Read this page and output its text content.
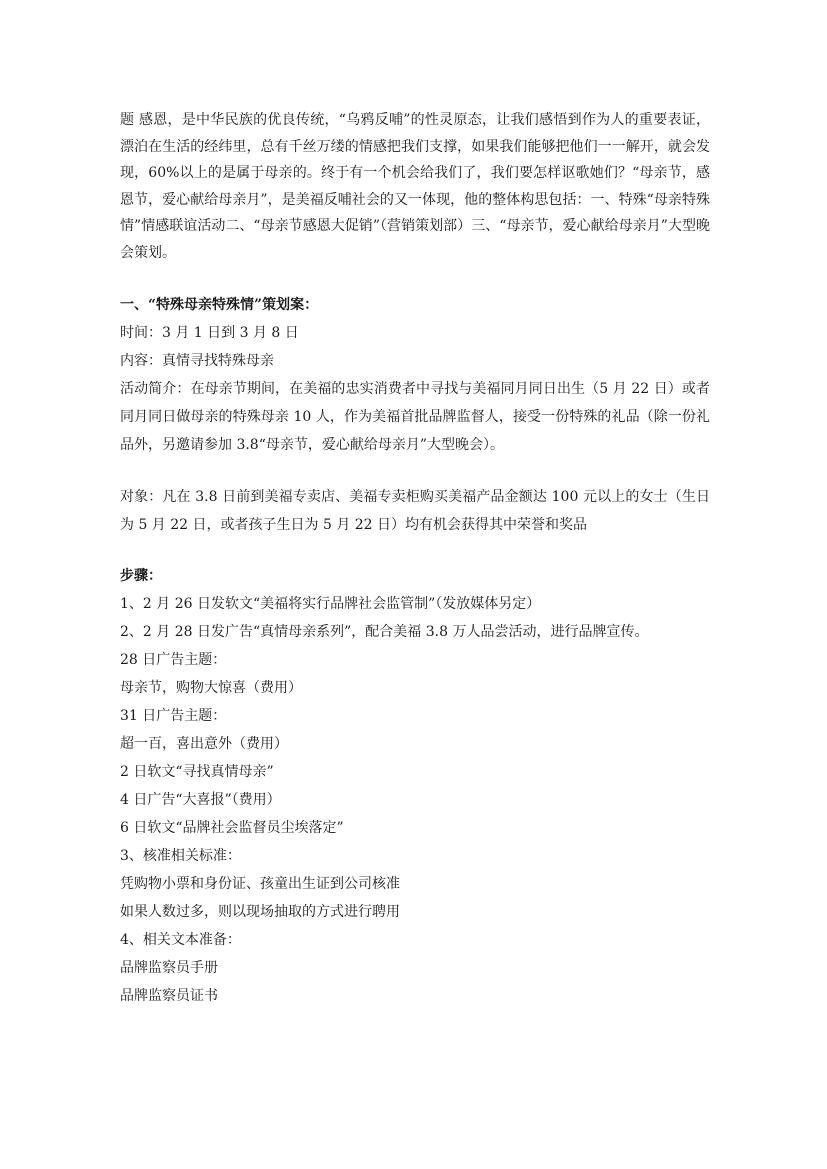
题 感恩，是中华民族的优良传统，“乌鸦反哺”的性灵原态，让我们感悟到作为人的重要表证，漂泊在生活的经纬里，总有千丝万缕的情感把我们支撑，如果我们能够把他们一一解开，就会发现，60%以上的是属于母亲的。终于有一个机会给我们了，我们要怎样讴歌她们？“母亲节，感恩节，爱心献给母亲月”，是美福反哺社会的又一体现，他的整体构思包括：一、特殊“母亲特殊情”情感联谊活动二、“母亲节感恩大促销”（营销策划部）三、“母亲节，爱心献给母亲月”大型晚会策划。

一、“特殊母亲特殊情”策划案：

时间：3 月 1 日到 3 月 8 日

内容：真情寻找特殊母亲

活动简介：在母亲节期间，在美福的忠实消费者中寻找与美福同月同日出生（5 月 22 日）或者同月同日做母亲的特殊母亲 10 人，作为美福首批品牌监督人，接受一份特殊的礼品（除一份礼品外，另邀请参加 3.8“母亲节，爱心献给母亲月”大型晚会）。

对象：凡在 3.8 日前到美福专卖店、美福专卖柜购买美福产品金额达 100 元以上的女士（生日为 5 月 22 日，或者孩子生日为 5 月 22 日）均有机会获得其中荣誉和奖品

步骤：

1、2 月 26 日发软文“美福将实行品牌社会监管制”（发放媒体另定）

2、2 月 28 日发广告“真情母亲系列”，配合美福 3.8 万人品尝活动，进行品牌宣传。

28 日广告主题：

母亲节，购物大惊喜（费用）

31 日广告主题：

超一百，喜出意外（费用）

2 日软文“寻找真情母亲”

4 日广告“大喜报”（费用）

6 日软文“品牌社会监督员尘埃落定”

3、核准相关标准：

凭购物小票和身份证、孩童出生证到公司核准

如果人数过多，则以现场抽取的方式进行聘用

4、相关文本准备：

品牌监察员手册

品牌监察员证书
